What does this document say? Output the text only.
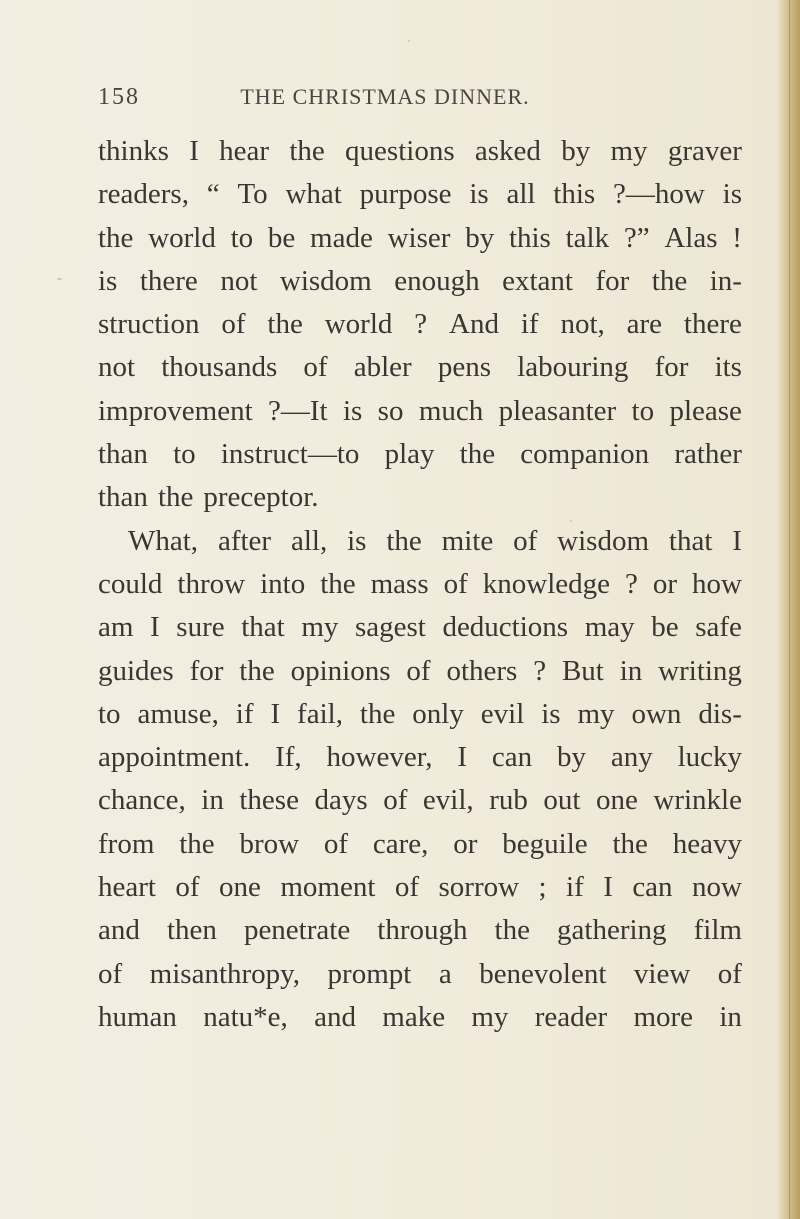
158	THE CHRISTMAS DINNER.
thinks I hear the questions asked by my graver
readers, “ To what purpose is all this ?—how is
the world to be made wiser by this talk ?” Alas !
is there not wisdom enough extant for the in-
struction of the world ? And if not, are there
not thousands of abler pens labouring for its
improvement ?—It is so much pleasanter to please
than to instruct—to play the companion rather
than the preceptor.
What, after all, is the mite of wisdom that I
could throw into the mass of knowledge ? or how
am I sure that my sagest deductions may be safe
guides for the opinions of others ? But in writing
to amuse, if I fail, the only evil is my own dis-
appointment. If, however, I can by any lucky
chance, in these days of evil, rub out one wrinkle
from the brow of care, or beguile the heavy
heart of one moment of sorrow ; if I can now
and then penetrate through the gathering film
of misanthropy, prompt a benevolent view of
human natu*e, and make my reader more in
